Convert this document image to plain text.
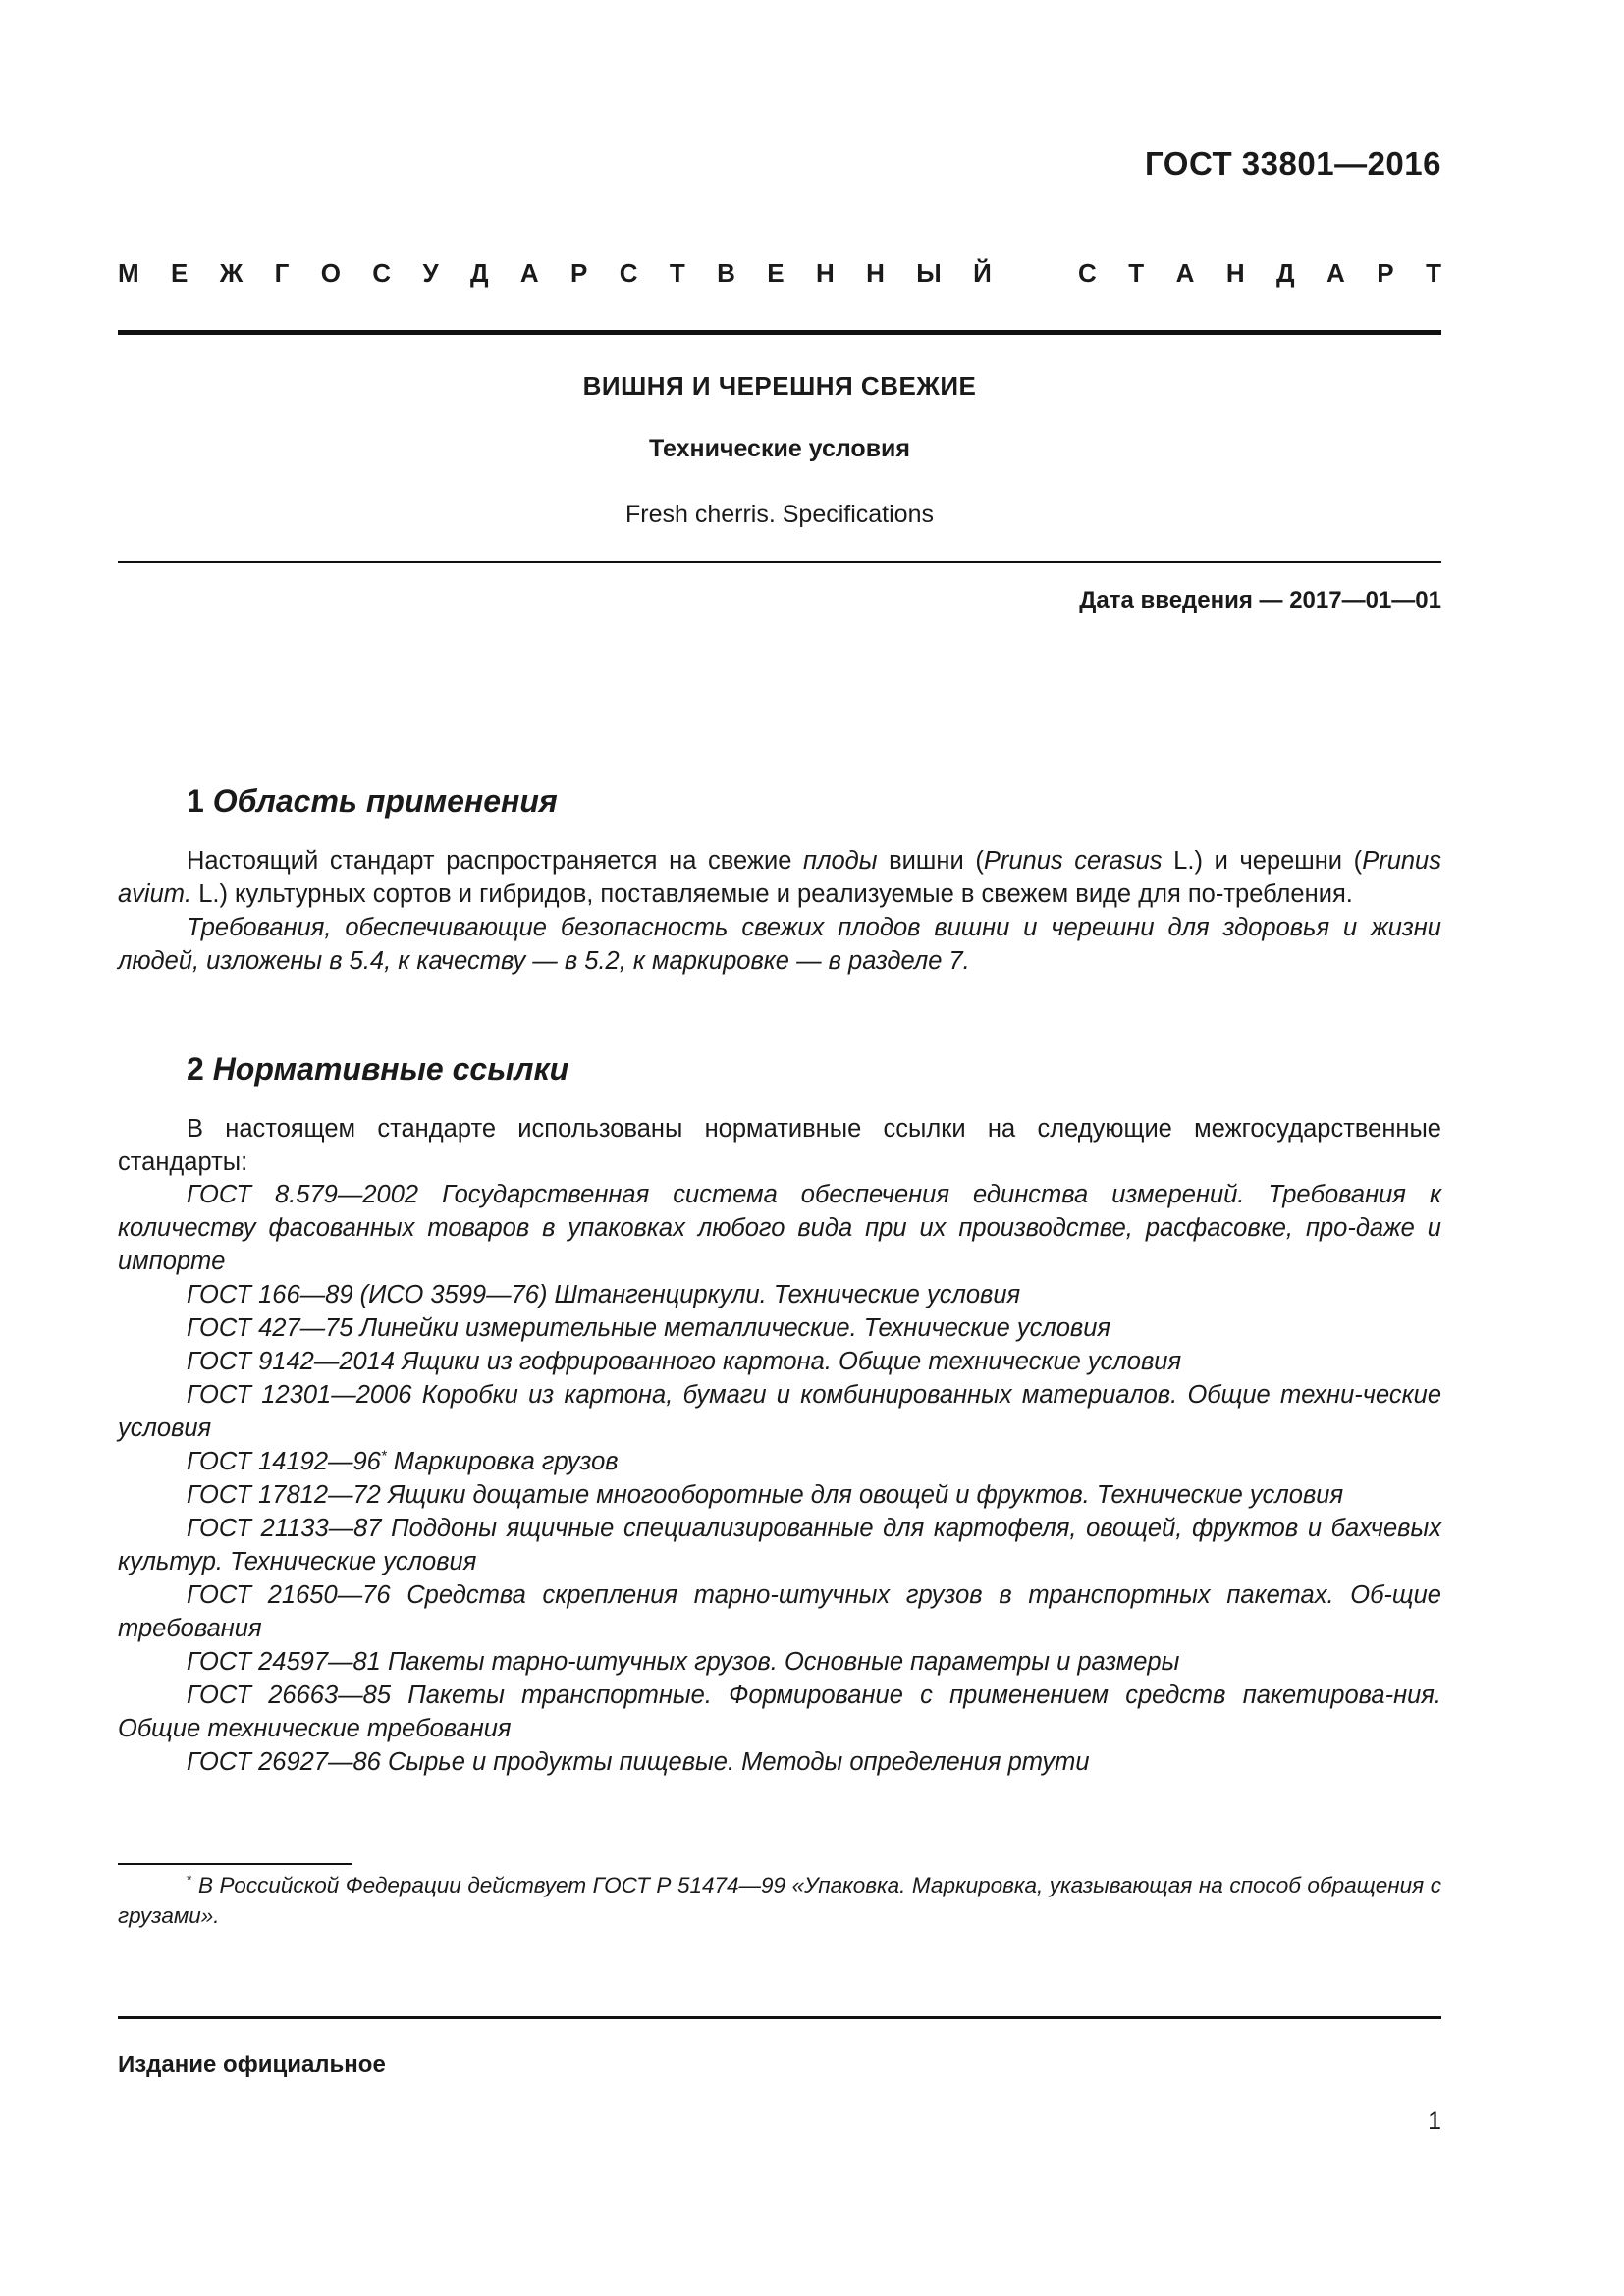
ГОСТ 33801—2016
М Е Ж Г О С У Д А Р С Т В Е Н Н Ы Й	С Т А Н Д А Р Т
ВИШНЯ И ЧЕРЕШНЯ СВЕЖИЕ
Технические условия
Fresh cherris. Specifications
Дата введения — 2017—01—01
1 Область применения

Настоящий стандарт распространяется на свежие плоды вишни (Prunus cerasus L.) и черешни (Prunus avium. L.) культурных сортов и гибридов, поставляемые и реализуемые в свежем виде для по-требления.

Требования, обеспечивающие безопасность свежих плодов вишни и черешни для здоровья и жизни людей, изложены в 5.4, к качеству — в 5.2, к маркировке — в разделе 7.

2 Нормативные ссылки
В настоящем стандарте использованы нормативные ссылки на следующие межгосударственные стандарты:
ГОСТ 8.579—2002 Государственная система обеспечения единства измерений. Требования к количеству фасованных товаров в упаковках любого вида при их производстве, расфасовке, про-даже и импорте
ГОСТ 166—89 (ИСО 3599—76) Штангенциркули. Технические условия
ГОСТ 427—75 Линейки измерительные металлические. Технические условия
ГОСТ 9142—2014 Ящики из гофрированного картона. Общие технические условия
ГОСТ 12301—2006 Коробки из картона, бумаги и комбинированных материалов. Общие техни-ческие условия
ГОСТ 14192—96* Маркировка грузов
ГОСТ 17812—72 Ящики дощатые многооборотные для овощей и фруктов. Технические условия
ГОСТ 21133—87 Поддоны ящичные специализированные для картофеля, овощей, фруктов и бахчевых культур. Технические условия
ГОСТ 21650—76 Средства скрепления тарно-штучных грузов в транспортных пакетах. Об-щие требования
ГОСТ 24597—81 Пакеты тарно-штучных грузов. Основные параметры и размеры
ГОСТ 26663—85 Пакеты транспортные. Формирование с применением средств пакетирова-ния. Общие технические требования
ГОСТ 26927—86 Сырье и продукты пищевые. Методы определения ртути
* В Российской Федерации действует ГОСТ Р 51474—99 «Упаковка. Маркировка, указывающая на способ обращения с грузами».
Издание официальное
1
